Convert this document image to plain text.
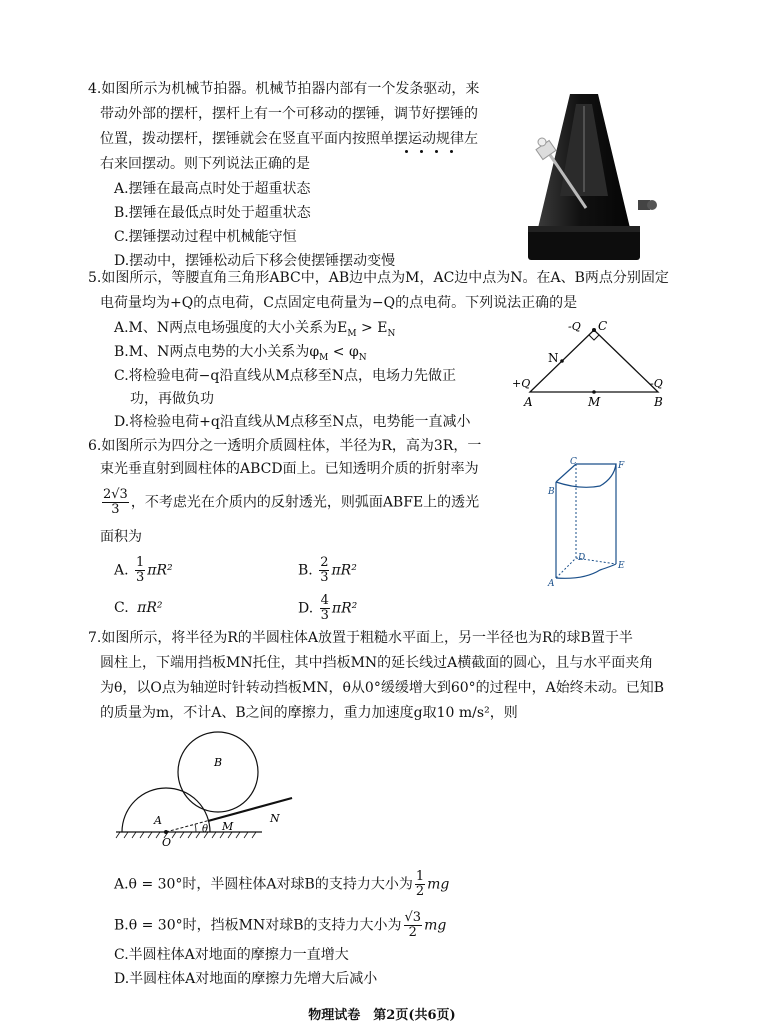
4.如图所示为机械节拍器。机械节拍器内部有一个发条驱动，来
带动外部的摆杆，摆杆上有一个可移动的摆锤，调节好摆锤的
位置，拨动摆杆，摆锤就会在竖直平面内按照单摆运动规律左
右来回摆动。则下列说法正确的是
A.摆锤在最高点时处于超重状态
B.摆锤在最低点时处于超重状态
C.摆锤摆动过程中机械能守恒
D.摆动中，摆锤松动后下移会使摆锤摆动变慢
5.如图所示，等腰直角三角形ABC中，AB边中点为M，AC边中点为N。在A、B两点分别固定
电荷量均为+Q的点电荷，C点固定电荷量为−Q的点电荷。下列说法正确的是
A.M、N两点电场强度的大小关系为$E_M > E_N$
B.M、N两点电势的大小关系为$\varphi_M < \varphi_N$
C.将检验电荷−q沿直线从M点移至N点，电场力先做正
功，再做负功
D.将检验电荷+q沿直线从M点移至N点，电势能一直减小
-Q C
N
+Q	-Q
A	M	B
6.如图所示为四分之一透明介质圆柱体，半径为R，高为3R，一
束光垂直射到圆柱体的ABCD面上。已知透明介质的折射率为
$\frac{2√3}{3}$ ，不考虑光在介质内的反射透光，则弧面ABFE上的透光
面积为
A. $\frac{1}{3} \pi R^2$	B. $\frac{2}{3} \pi R^2$
C. πR²	D. $\frac{4}{3} \pi R^2$
C	F
B
D
E
A
7.如图所示，将半径为R的半圆柱体A放置于粗糙水平面上，另一半径也为R的球B置于半
圆柱上，下端用挡板MN托住，其中挡板MN的延长线过A横截面的圆心，且与水平面夹角
为θ，以O点为轴逆时针转动挡板MN，θ从0°缓缓增大到60°的过程中，A始终未动。已知B
的质量为m，不计A、B之间的摩擦力，重力加速度g取10 m/s²，则
A
B
O
θ M
N
A.θ = 30°时，半圆柱体A对球B的支持力大小为 $\frac{1}{2}$ mg
B.θ = 30°时，挡板MN对球B的支持力大小为 $\frac{√3}{2}$ mg
C.半圆柱体A对地面的摩擦力一直增大
D.半圆柱体A对地面的摩擦力先增大后减小
物理试卷　第2页(共6页)
